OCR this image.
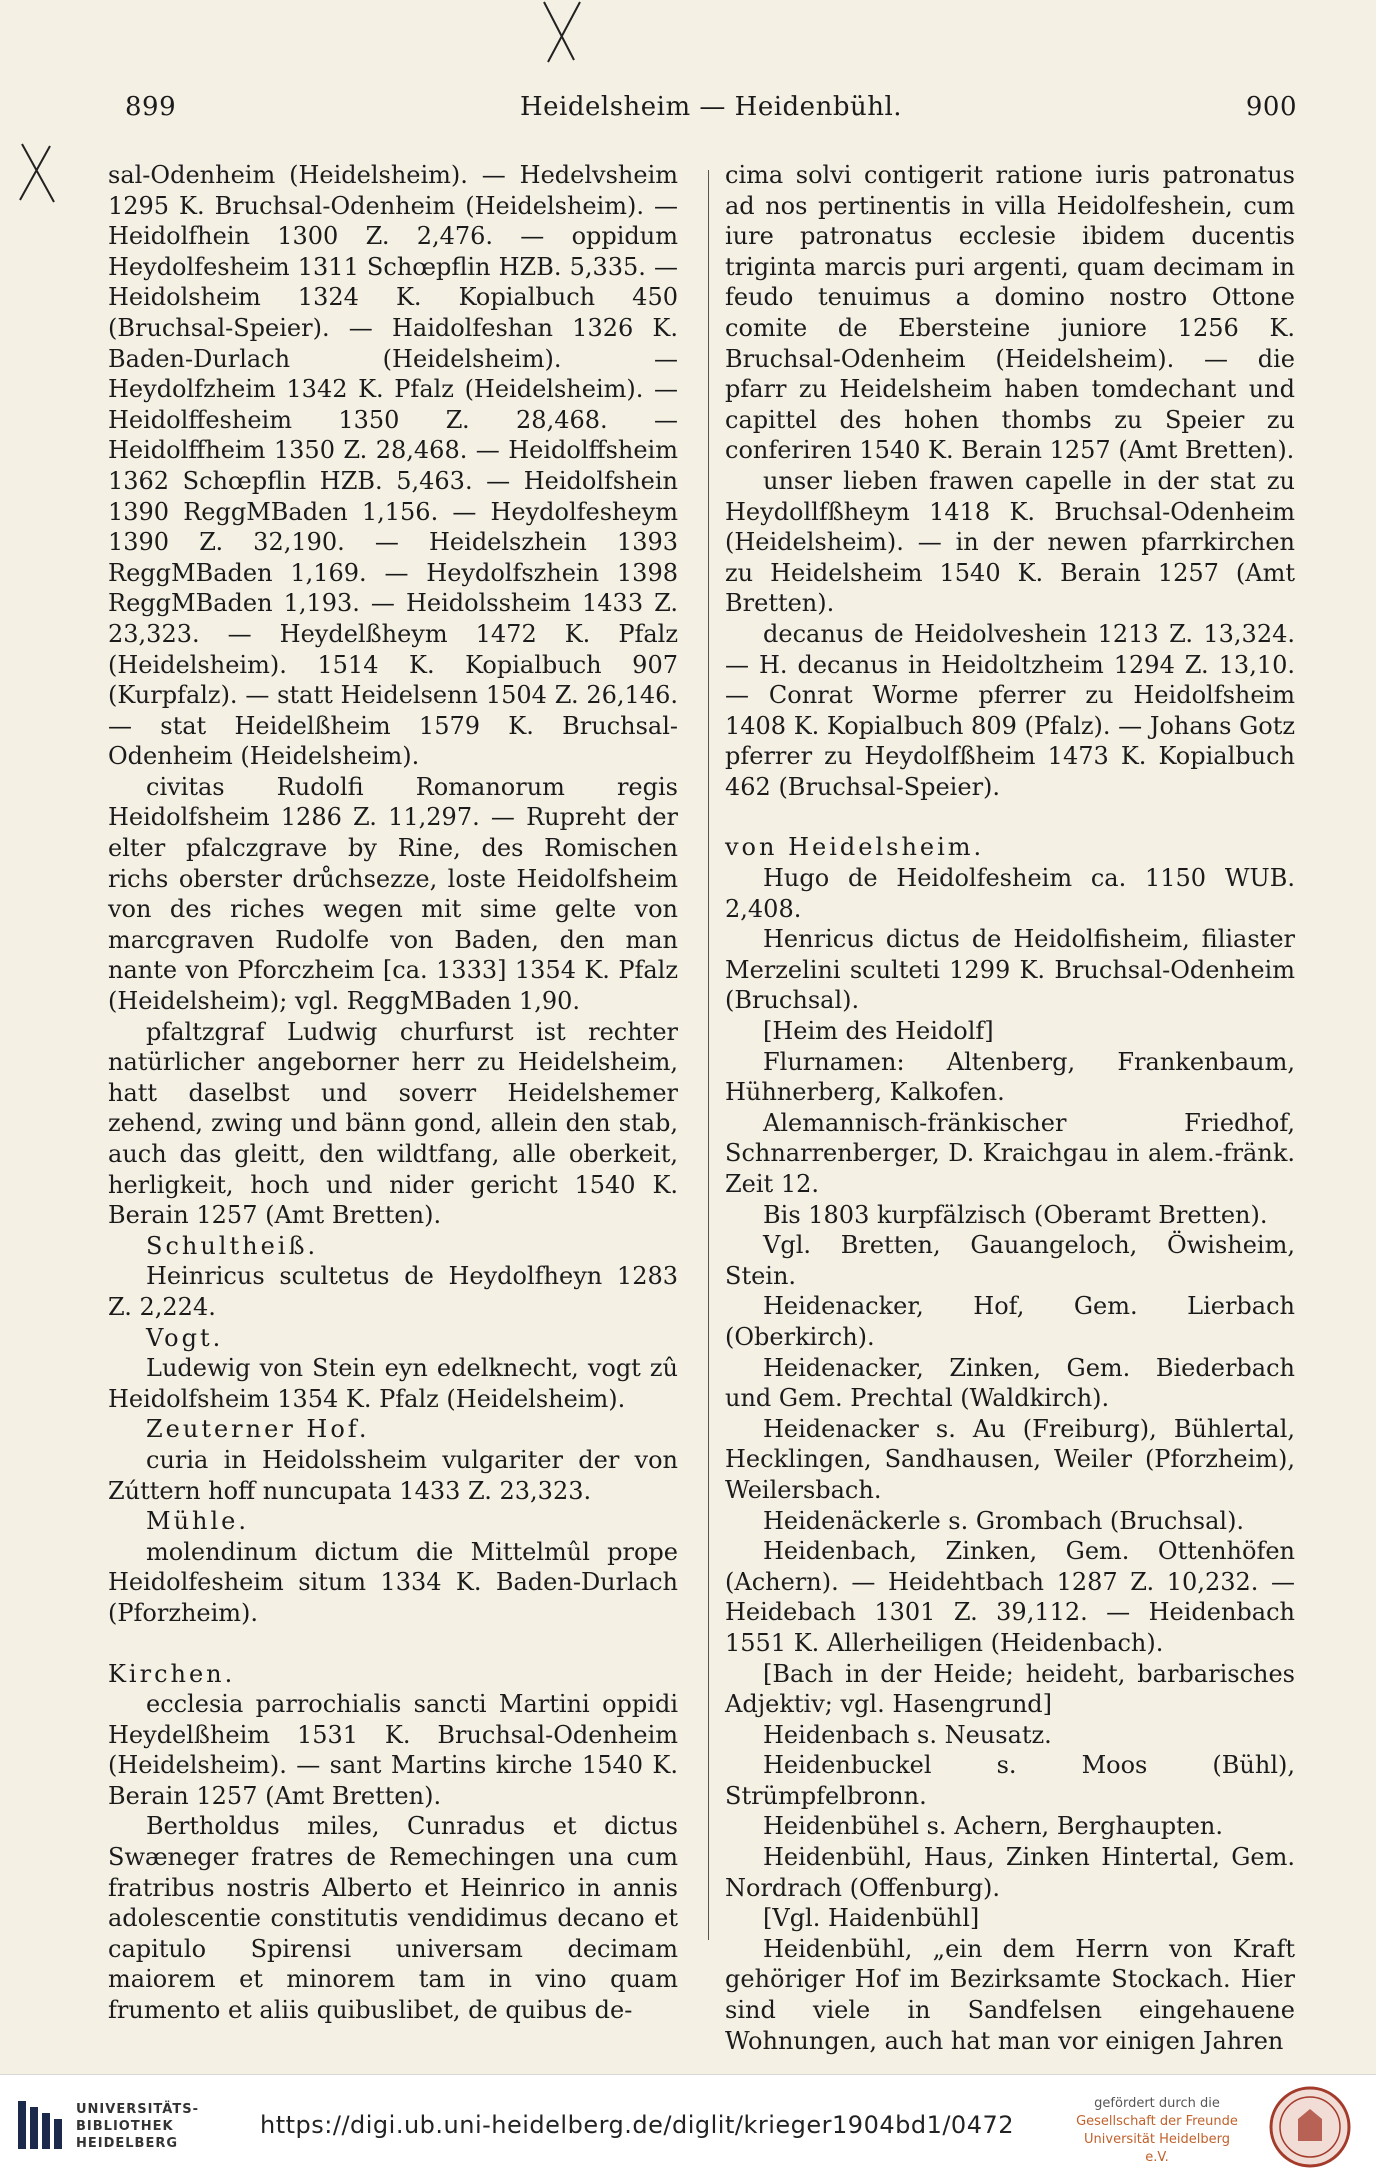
899	Heidelsheim — Heidenbühl.	900

sal-Odenheim (Heidelsheim). — Hedelvsheim 1295 K. Bruchsal-Odenheim (Heidelsheim). — Heidolfhein 1300 Z. 2,476. — oppidum Heydolfesheim 1311 Schœpflin HZB. 5,335. — Heidolsheim 1324 K. Kopialbuch 450 (Bruchsal-Speier). — Haidolfeshan 1326 K. Baden-Durlach (Heidelsheim). — Heydolfzheim 1342 K. Pfalz (Heidelsheim). — Heidolffesheim 1350 Z. 28,468. — Heidolffheim 1350 Z. 28,468. — Heidolffsheim 1362 Schœpflin HZB. 5,463. — Heidolfshein 1390 ReggMBaden 1,156. — Heydolfesheym 1390 Z. 32,190. — Heidelszhein 1393 ReggMBaden 1,169. — Heydolfszhein 1398 ReggMBaden 1,193. — Heidolssheim 1433 Z. 23,323. — Heydelßheym 1472 K. Pfalz (Heidelsheim). 1514 K. Kopialbuch 907 (Kurpfalz). — statt Heidelsenn 1504 Z. 26,146. — stat Heidelßheim 1579 K. Bruchsal-Odenheim (Heidelsheim).

civitas Rudolfi Romanorum regis Heidolfsheim 1286 Z. 11,297. — Rupreht der elter pfalczgrave by Rine, des Romischen richs oberster drůchsezze, loste Heidolfsheim von des riches wegen mit sime gelte von marcgraven Rudolfe von Baden, den man nante von Pforczheim [ca. 1333] 1354 K. Pfalz (Heidelsheim); vgl. ReggMBaden 1,90.

pfaltzgraf Ludwig churfurst ist rechter natürlicher angeborner herr zu Heidelsheim, hatt daselbst und soverr Heidelshemer zehend, zwing und bänn gond, allein den stab, auch das gleitt, den wildtfang, alle oberkeit, herligkeit, hoch und nider gericht 1540 K. Berain 1257 (Amt Bretten).

Schultheiß.

Heinricus scultetus de Heydolfheyn 1283 Z. 2,224.

Vogt.

Ludewig von Stein eyn edelknecht, vogt zû Heidolfsheim 1354 K. Pfalz (Heidelsheim).

Zeuterner Hof.

curia in Heidolssheim vulgariter der von Zúttern hoff nuncupata 1433 Z. 23,323.

Mühle.

molendinum dictum die Mittelmûl prope Heidolfesheim situm 1334 K. Baden-Durlach (Pforzheim).

Kirchen.

ecclesia parrochialis sancti Martini oppidi Heydelßheim 1531 K. Bruchsal-Odenheim (Heidelsheim). — sant Martins kirche 1540 K. Berain 1257 (Amt Bretten).

Bertholdus miles, Cunradus et dictus Swæneger fratres de Remechingen una cum fratribus nostris Alberto et Heinrico in annis adolescentie constitutis vendidimus decano et capitulo Spirensi universam decimam maiorem et minorem tam in vino quam frumento et aliis quibuslibet, de quibus de-

cima solvi contigerit ratione iuris patronatus ad nos pertinentis in villa Heidolfeshein, cum iure patronatus ecclesie ibidem ducentis triginta marcis puri argenti, quam decimam in feudo tenuimus a domino nostro Ottone comite de Ebersteine juniore 1256 K. Bruchsal-Odenheim (Heidelsheim). — die pfarr zu Heidelsheim haben tomdechant und capittel des hohen thombs zu Speier zu conferiren 1540 K. Berain 1257 (Amt Bretten).

unser lieben frawen capelle in der stat zu Heydollfßheym 1418 K. Bruchsal-Odenheim (Heidelsheim). — in der newen pfarrkirchen zu Heidelsheim 1540 K. Berain 1257 (Amt Bretten).

decanus de Heidolveshein 1213 Z. 13,324. — H. decanus in Heidoltzheim 1294 Z. 13,10. — Conrat Worme pferrer zu Heidolfsheim 1408 K. Kopialbuch 809 (Pfalz). — Johans Gotz pferrer zu Heydolfßheim 1473 K. Kopialbuch 462 (Bruchsal-Speier).

von Heidelsheim.

Hugo de Heidolfesheim ca. 1150 WUB. 2,408.

Henricus dictus de Heidolfisheim, filiaster Merzelini sculteti 1299 K. Bruchsal-Odenheim (Bruchsal).

[Heim des Heidolf]

Flurnamen: Altenberg, Frankenbaum, Hühnerberg, Kalkofen.

Alemannisch-fränkischer Friedhof, Schnarrenberger, D. Kraichgau in alem.-fränk. Zeit 12.

Bis 1803 kurpfälzisch (Oberamt Bretten).

Vgl. Bretten, Gauangeloch, Öwisheim, Stein.

Heidenacker, Hof, Gem. Lierbach (Oberkirch).

Heidenacker, Zinken, Gem. Biederbach und Gem. Prechtal (Waldkirch).

Heidenacker s. Au (Freiburg), Bühlertal, Hecklingen, Sandhausen, Weiler (Pforzheim), Weilersbach.

Heidenäckerle s. Grombach (Bruchsal).

Heidenbach, Zinken, Gem. Ottenhöfen (Achern). — Heidehtbach 1287 Z. 10,232. — Heidebach 1301 Z. 39,112. — Heidenbach 1551 K. Allerheiligen (Heidenbach).

[Bach in der Heide; heideht, barbarisches Adjektiv; vgl. Hasengrund]

Heidenbach s. Neusatz.

Heidenbuckel s. Moos (Bühl), Strümpfelbronn.

Heidenbühel s. Achern, Berghaupten.

Heidenbühl, Haus, Zinken Hintertal, Gem. Nordrach (Offenburg).

[Vgl. Haidenbühl]

Heidenbühl, „ein dem Herrn von Kraft gehöriger Hof im Bezirksamte Stockach. Hier sind viele in Sandfelsen eingehauene Wohnungen, auch hat man vor einigen Jahren

UNIVERSITÄTS-
BIBLIOTHEK
HEIDELBERG
https://digi.ub.uni-heidelberg.de/diglit/krieger1904bd1/0472
gefördert durch die
Gesellschaft der Freunde
Universität Heidelberg e.V.
